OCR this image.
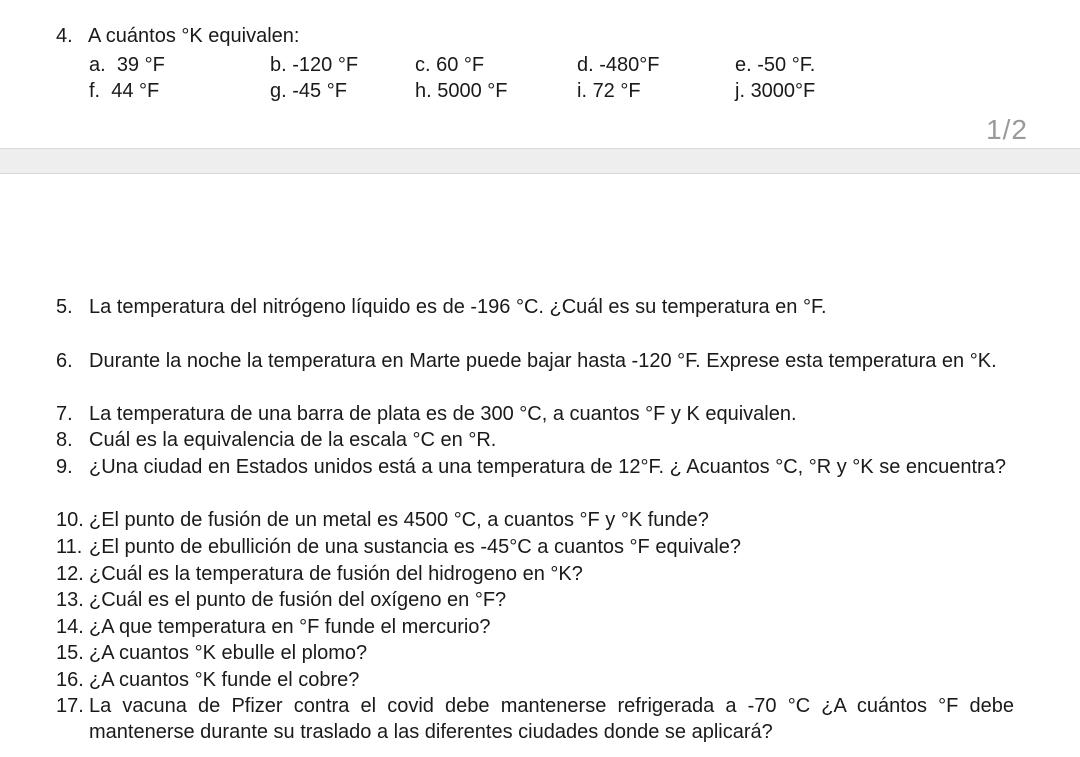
4. A cuántos °K equivalen:
a. 39 °F	b. -120 °F	c. 60 °F	d. -480°F	e. -50 °F.
f. 44 °F	g. -45 °F	h. 5000 °F	i. 72 °F	j. 3000°F
1/2
5. La temperatura del nitrógeno líquido es de -196 °C. ¿Cuál es su temperatura en °F.
6. Durante la noche la temperatura en Marte puede bajar hasta -120 °F. Exprese esta temperatura en °K.
7. La temperatura de una barra de plata es de 300 °C, a cuantos °F y K equivalen.
8. Cuál es la equivalencia de la escala °C en °R.
9. ¿Una ciudad en Estados unidos está a una temperatura de 12°F. ¿ Acuantos °C, °R y °K se encuentra?
10. ¿El punto de fusión de un metal es 4500 °C, a cuantos °F y °K funde?
11. ¿El punto de ebullición de una sustancia es -45°C a cuantos °F equivale?
12. ¿Cuál es la temperatura de fusión del hidrogeno en °K?
13. ¿Cuál es el punto de fusión del oxígeno en °F?
14. ¿A que temperatura en °F funde el mercurio?
15. ¿A cuantos °K ebulle el plomo?
16. ¿A cuantos °K funde el cobre?
17. La vacuna de Pfizer contra el covid debe mantenerse refrigerada a -70 °C ¿A cuántos °F debe mantenerse durante su traslado a las diferentes ciudades donde se aplicará?
